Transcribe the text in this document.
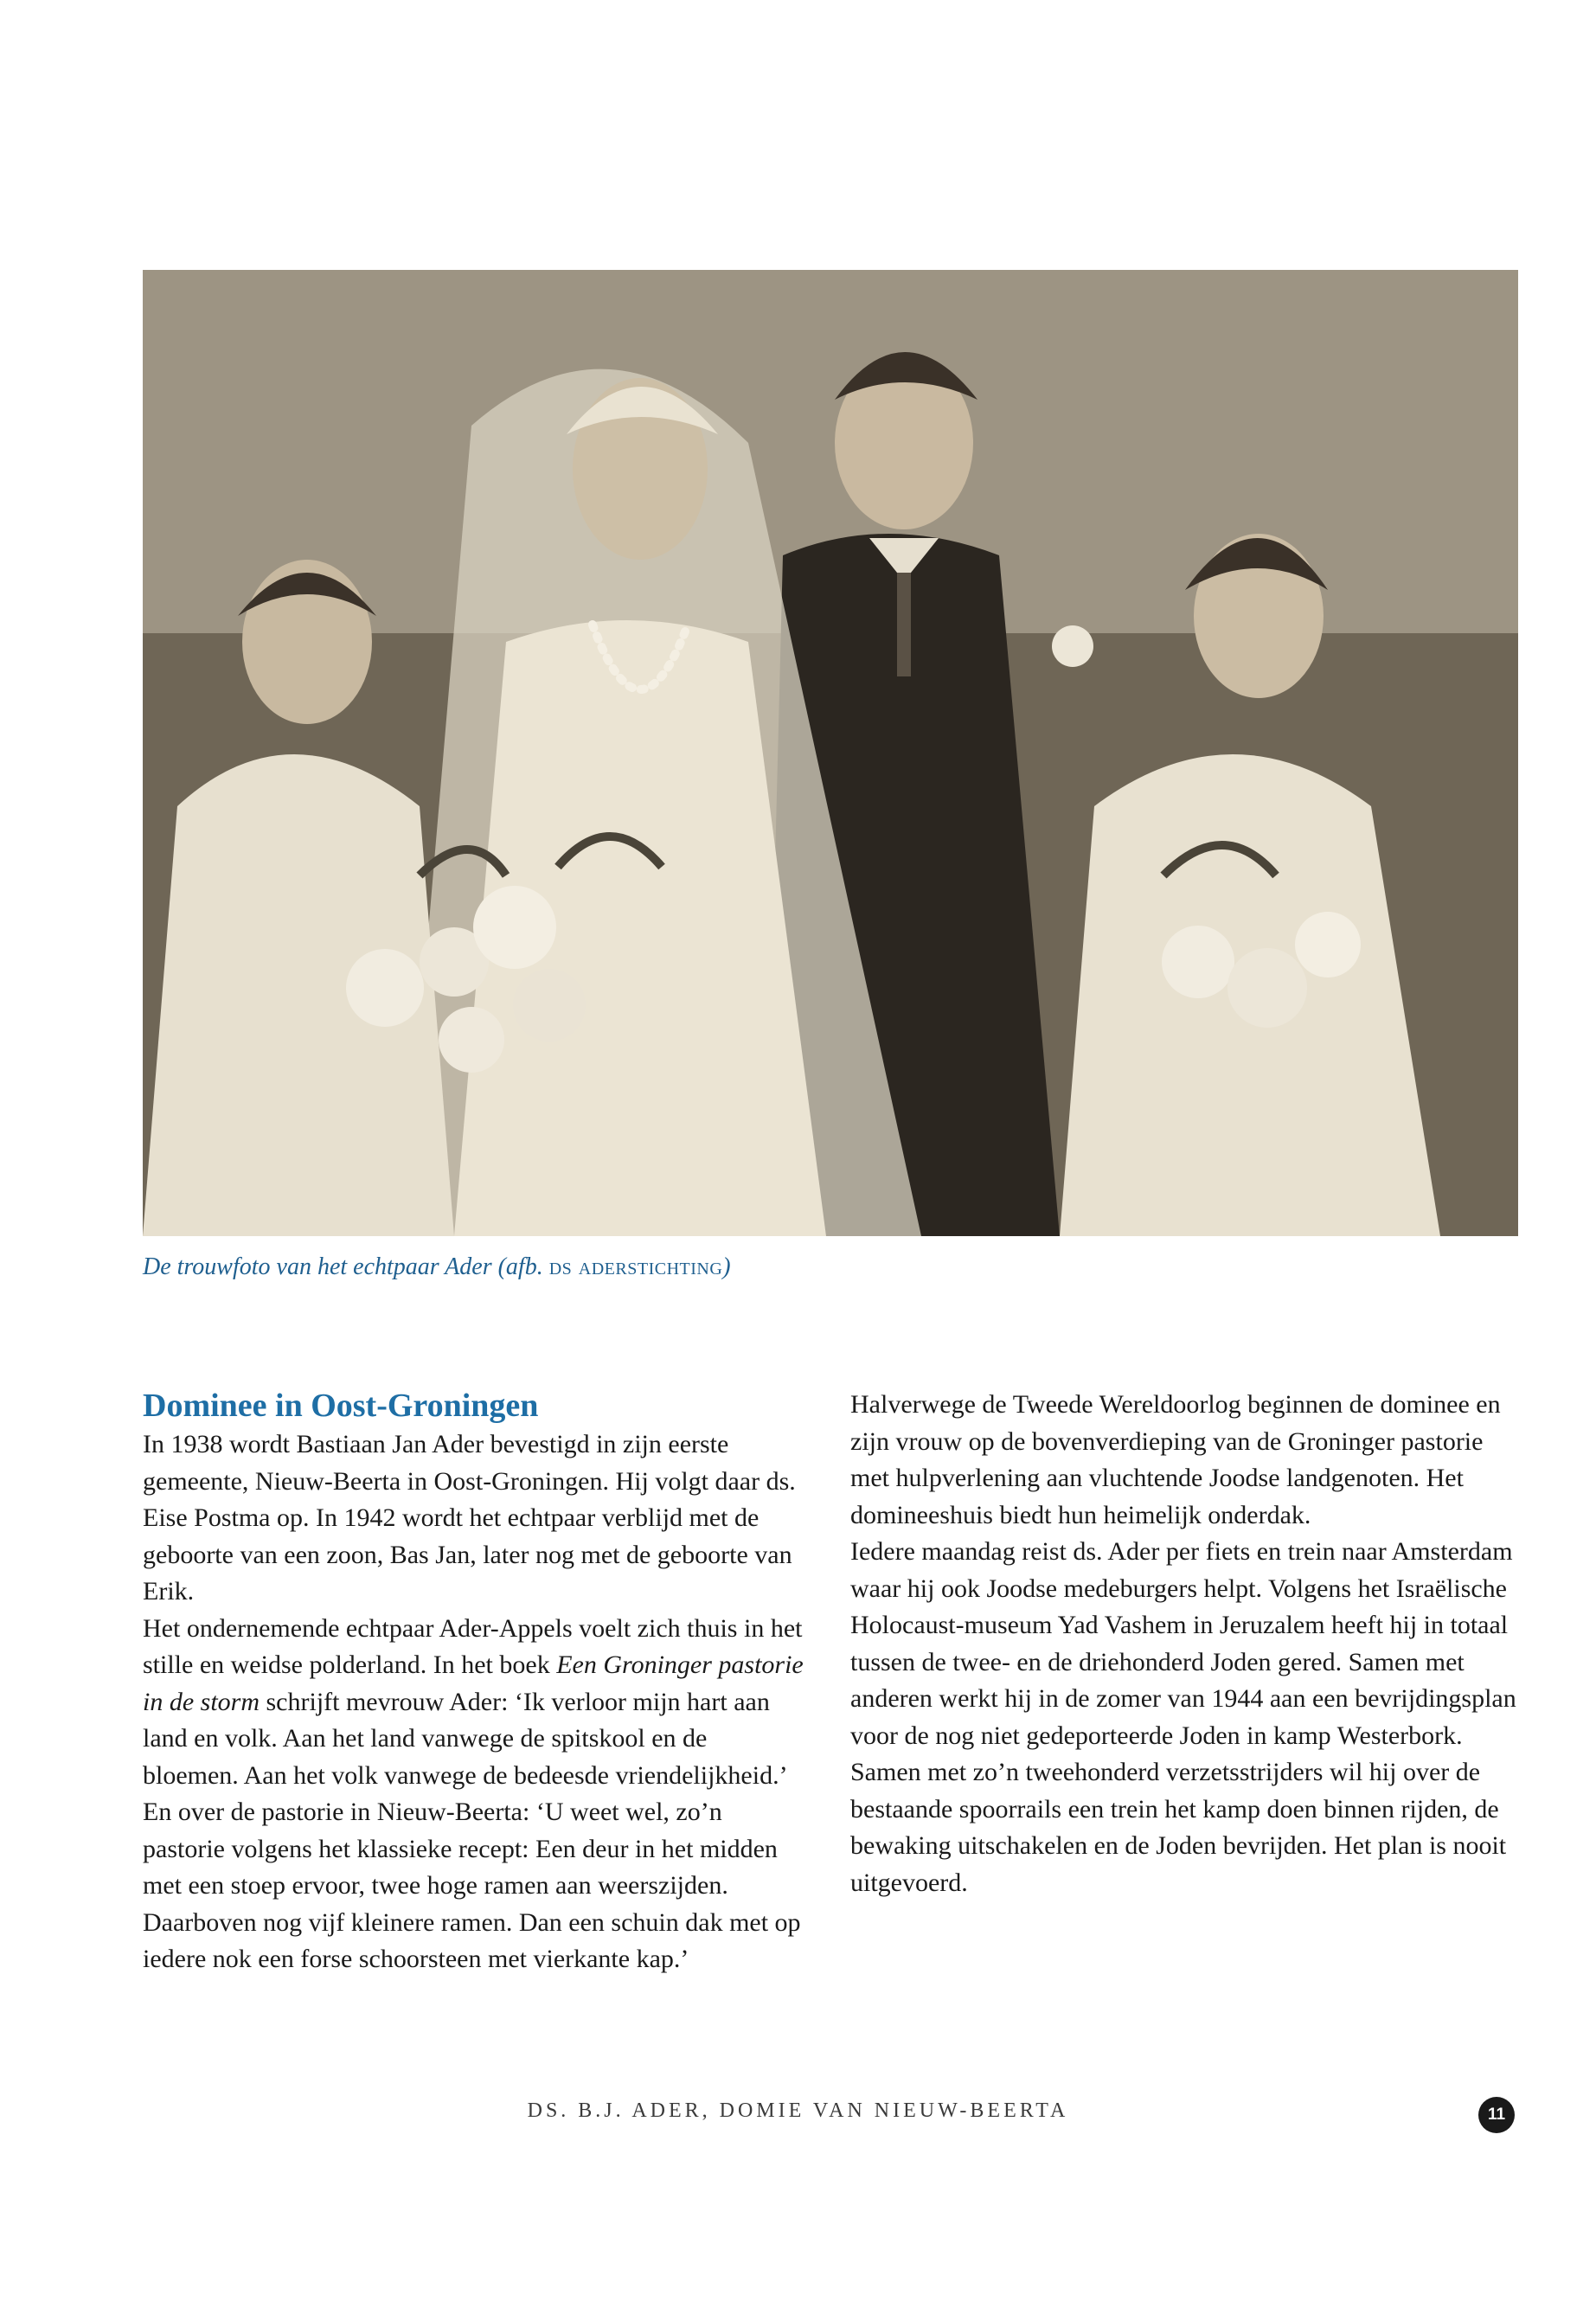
De trouwfoto van het echtpaar Ader (afb. ds aderstichting)
Dominee in Oost-Groningen

In 1938 wordt Bastiaan Jan Ader bevestigd in zijn eerste gemeente, Nieuw-Beerta in Oost-Groningen. Hij volgt daar ds. Eise Postma op. In 1942 wordt het echtpaar verblijd met de geboorte van een zoon, Bas Jan, later nog met de geboorte van Erik.

Het ondernemende echtpaar Ader-Appels voelt zich thuis in het stille en weidse polderland. In het boek Een Groninger pastorie in de storm schrijft mevrouw Ader: ‘Ik verloor mijn hart aan land en volk. Aan het land vanwege de spitskool en de bloemen. Aan het volk vanwege de bedeesde vriendelijkheid.’ En over de pastorie in Nieuw-Beerta: ‘U weet wel, zo’n pastorie volgens het klassieke recept: Een deur in het midden met een stoep ervoor, twee hoge ramen aan weerszijden. Daarboven nog vijf kleinere ramen. Dan een schuin dak met op iedere nok een forse schoorsteen met vierkante kap.’

Halverwege de Tweede Wereldoorlog beginnen de dominee en zijn vrouw op de bovenverdieping van de Groninger pastorie met hulpverlening aan vluchtende Joodse landgenoten. Het domineeshuis biedt hun heimelijk onderdak.

Iedere maandag reist ds. Ader per fiets en trein naar Amsterdam waar hij ook Joodse medeburgers helpt. Volgens het Israëlische Holocaust-museum Yad Vashem in Jeruzalem heeft hij in totaal tussen de twee- en de driehonderd Joden gered. Samen met anderen werkt hij in de zomer van 1944 aan een bevrijdingsplan voor de nog niet gedeporteerde Joden in kamp Westerbork. Samen met zo’n tweehonderd verzetsstrijders wil hij over de bestaande spoorrails een trein het kamp doen binnen rijden, de bewaking uitschakelen en de Joden bevrijden. Het plan is nooit uitgevoerd.

DS. B.J. ADER, DOMIE VAN NIEUW-BEERTA	11
